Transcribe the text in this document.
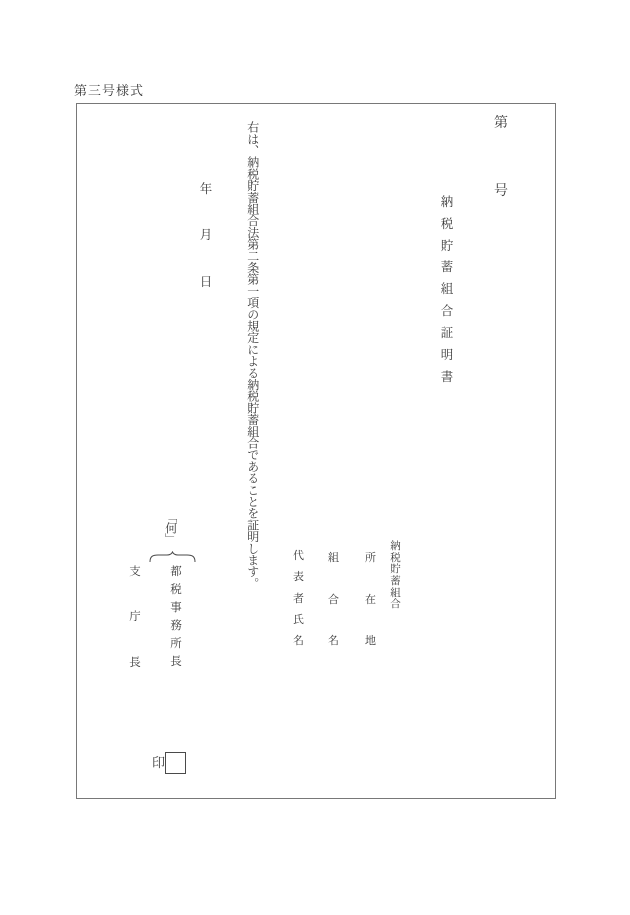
第三号様式
第
号
納
税
貯
蓄
組
合
証
明
書
右は、納税貯蓄組合法第二条第一項の規定による納税貯蓄組合であることを証明します。
年
月
日
納
税
貯
蓄
組
合
所
在
地
組
合
名
代
表
者
氏
名
「何」
都
税
事
務
所
長
支
庁
長
印
